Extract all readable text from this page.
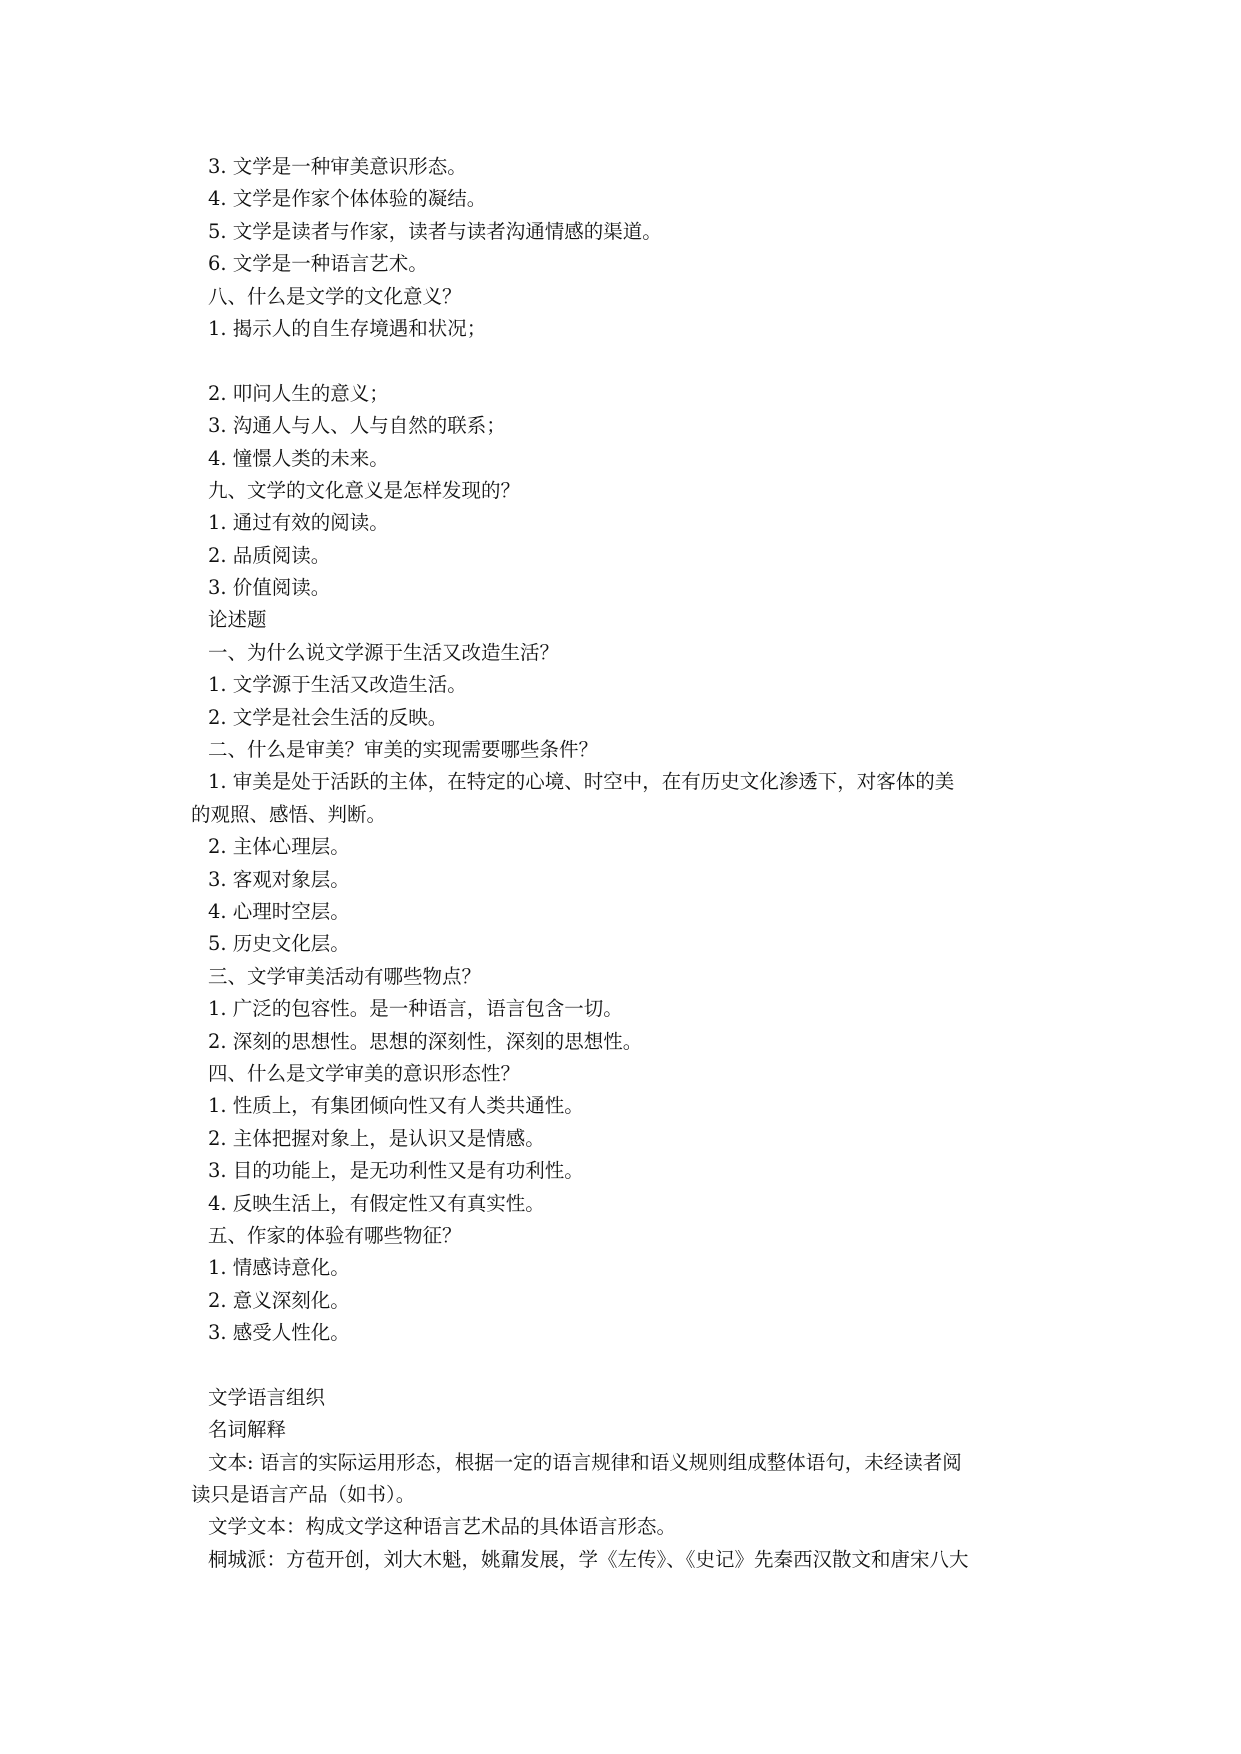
3. 文学是一种审美意识形态。
4. 文学是作家个体体验的凝结。
5. 文学是读者与作家，读者与读者沟通情感的渠道。
6. 文学是一种语言艺术。
八、什么是文学的文化意义？
1. 揭示人的自生存境遇和状况；
2. 叩问人生的意义；
3. 沟通人与人、人与自然的联系；
4. 憧憬人类的未来。
九、文学的文化意义是怎样发现的？
1. 通过有效的阅读。
2. 品质阅读。
3. 价值阅读。
论述题
一、为什么说文学源于生活又改造生活？
1. 文学源于生活又改造生活。
2. 文学是社会生活的反映。
二、什么是审美？审美的实现需要哪些条件？
1. 审美是处于活跃的主体，在特定的心境、时空中，在有历史文化渗透下，对客体的美
的观照、感悟、判断。
2. 主体心理层。
3. 客观对象层。
4. 心理时空层。
5. 历史文化层。
三、文学审美活动有哪些物点？
1. 广泛的包容性。是一种语言，语言包含一切。
2. 深刻的思想性。思想的深刻性，深刻的思想性。
四、什么是文学审美的意识形态性？
1. 性质上，有集团倾向性又有人类共通性。
2. 主体把握对象上，是认识又是情感。
3. 目的功能上，是无功利性又是有功利性。
4. 反映生活上，有假定性又有真实性。
五、作家的体验有哪些物征？
1. 情感诗意化。
2. 意义深刻化。
3. 感受人性化。
文学语言组织
名词解释
文本: 语言的实际运用形态，根据一定的语言规律和语义规则组成整体语句，未经读者阅
读只是语言产品（如书）。
文学文本：构成文学这种语言艺术品的具体语言形态。
桐城派：方苞开创，刘大木魁，姚鼐发展，学《左传》、《史记》先秦西汉散文和唐宋八大
